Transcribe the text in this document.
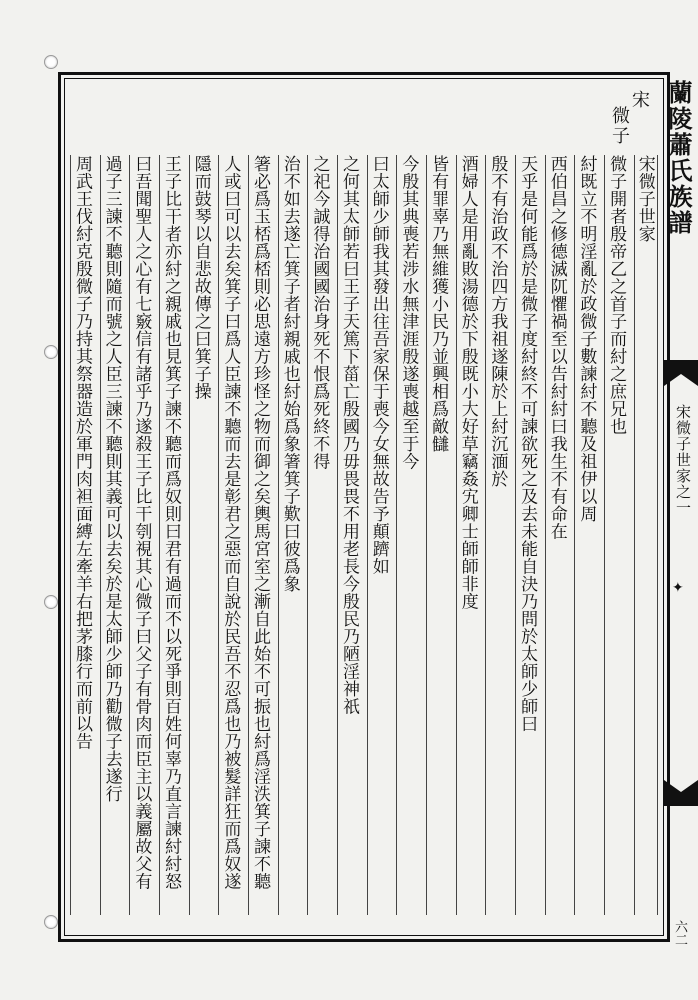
蘭陵蕭氏族譜
宋微子世家之一
✦
六二
宋
微子
宋微子世家
微子開者殷帝乙之首子而紂之庶兄也
紂既立不明淫亂於政微子數諫紂不聽及祖伊以周
西伯昌之修德滅阢懼禍至以告紂紂曰我生不有命在
天乎是何能爲於是微子度紂終不可諫欲死之及去未能自決乃問於太師少師曰
殷不有治政不治四方我祖遂陳於上紂沉湎於
酒婦人是用亂敗湯德於下殷既小大好草竊姦宄卿士師師非度
皆有罪辜乃無維獲小民乃並興相爲敵讎
今殷其典喪若涉水無津涯殷遂喪越至于今
曰太師少師我其發出往吾家保于喪今女無故告予顛躋如
之何其太師若曰王子天篤下菑亡殷國乃毋畏畏不用老長今殷民乃陋淫神祇
之祀今誠得治國國治身死不恨爲死終不得
治不如去遂亡箕子者紂親戚也紂始爲象箸箕子歎曰彼爲象
箸必爲玉桮爲桮則必思遠方珍怪之物而御之矣輿馬宮室之漸自此始不可振也紂爲淫泆箕子諫不聽
人或曰可以去矣箕子曰爲人臣諫不聽而去是彰君之惡而自說於民吾不忍爲也乃被髮詳狂而爲奴遂
隱而鼓琴以自悲故傳之曰箕子操
王子比干者亦紂之親戚也見箕子諫不聽而爲奴則曰君有過而不以死爭則百姓何辜乃直言諫紂紂怒
曰吾聞聖人之心有七竅信有諸乎乃遂殺王子比干刳視其心微子曰父子有骨肉而臣主以義屬故父有
過子三諫不聽則隨而號之人臣三諫不聽則其義可以去矣於是太師少師乃勸微子去遂行
周武王伐紂克殷微子乃持其祭器造於軍門肉袒面縛左牽羊右把茅膝行而前以告
